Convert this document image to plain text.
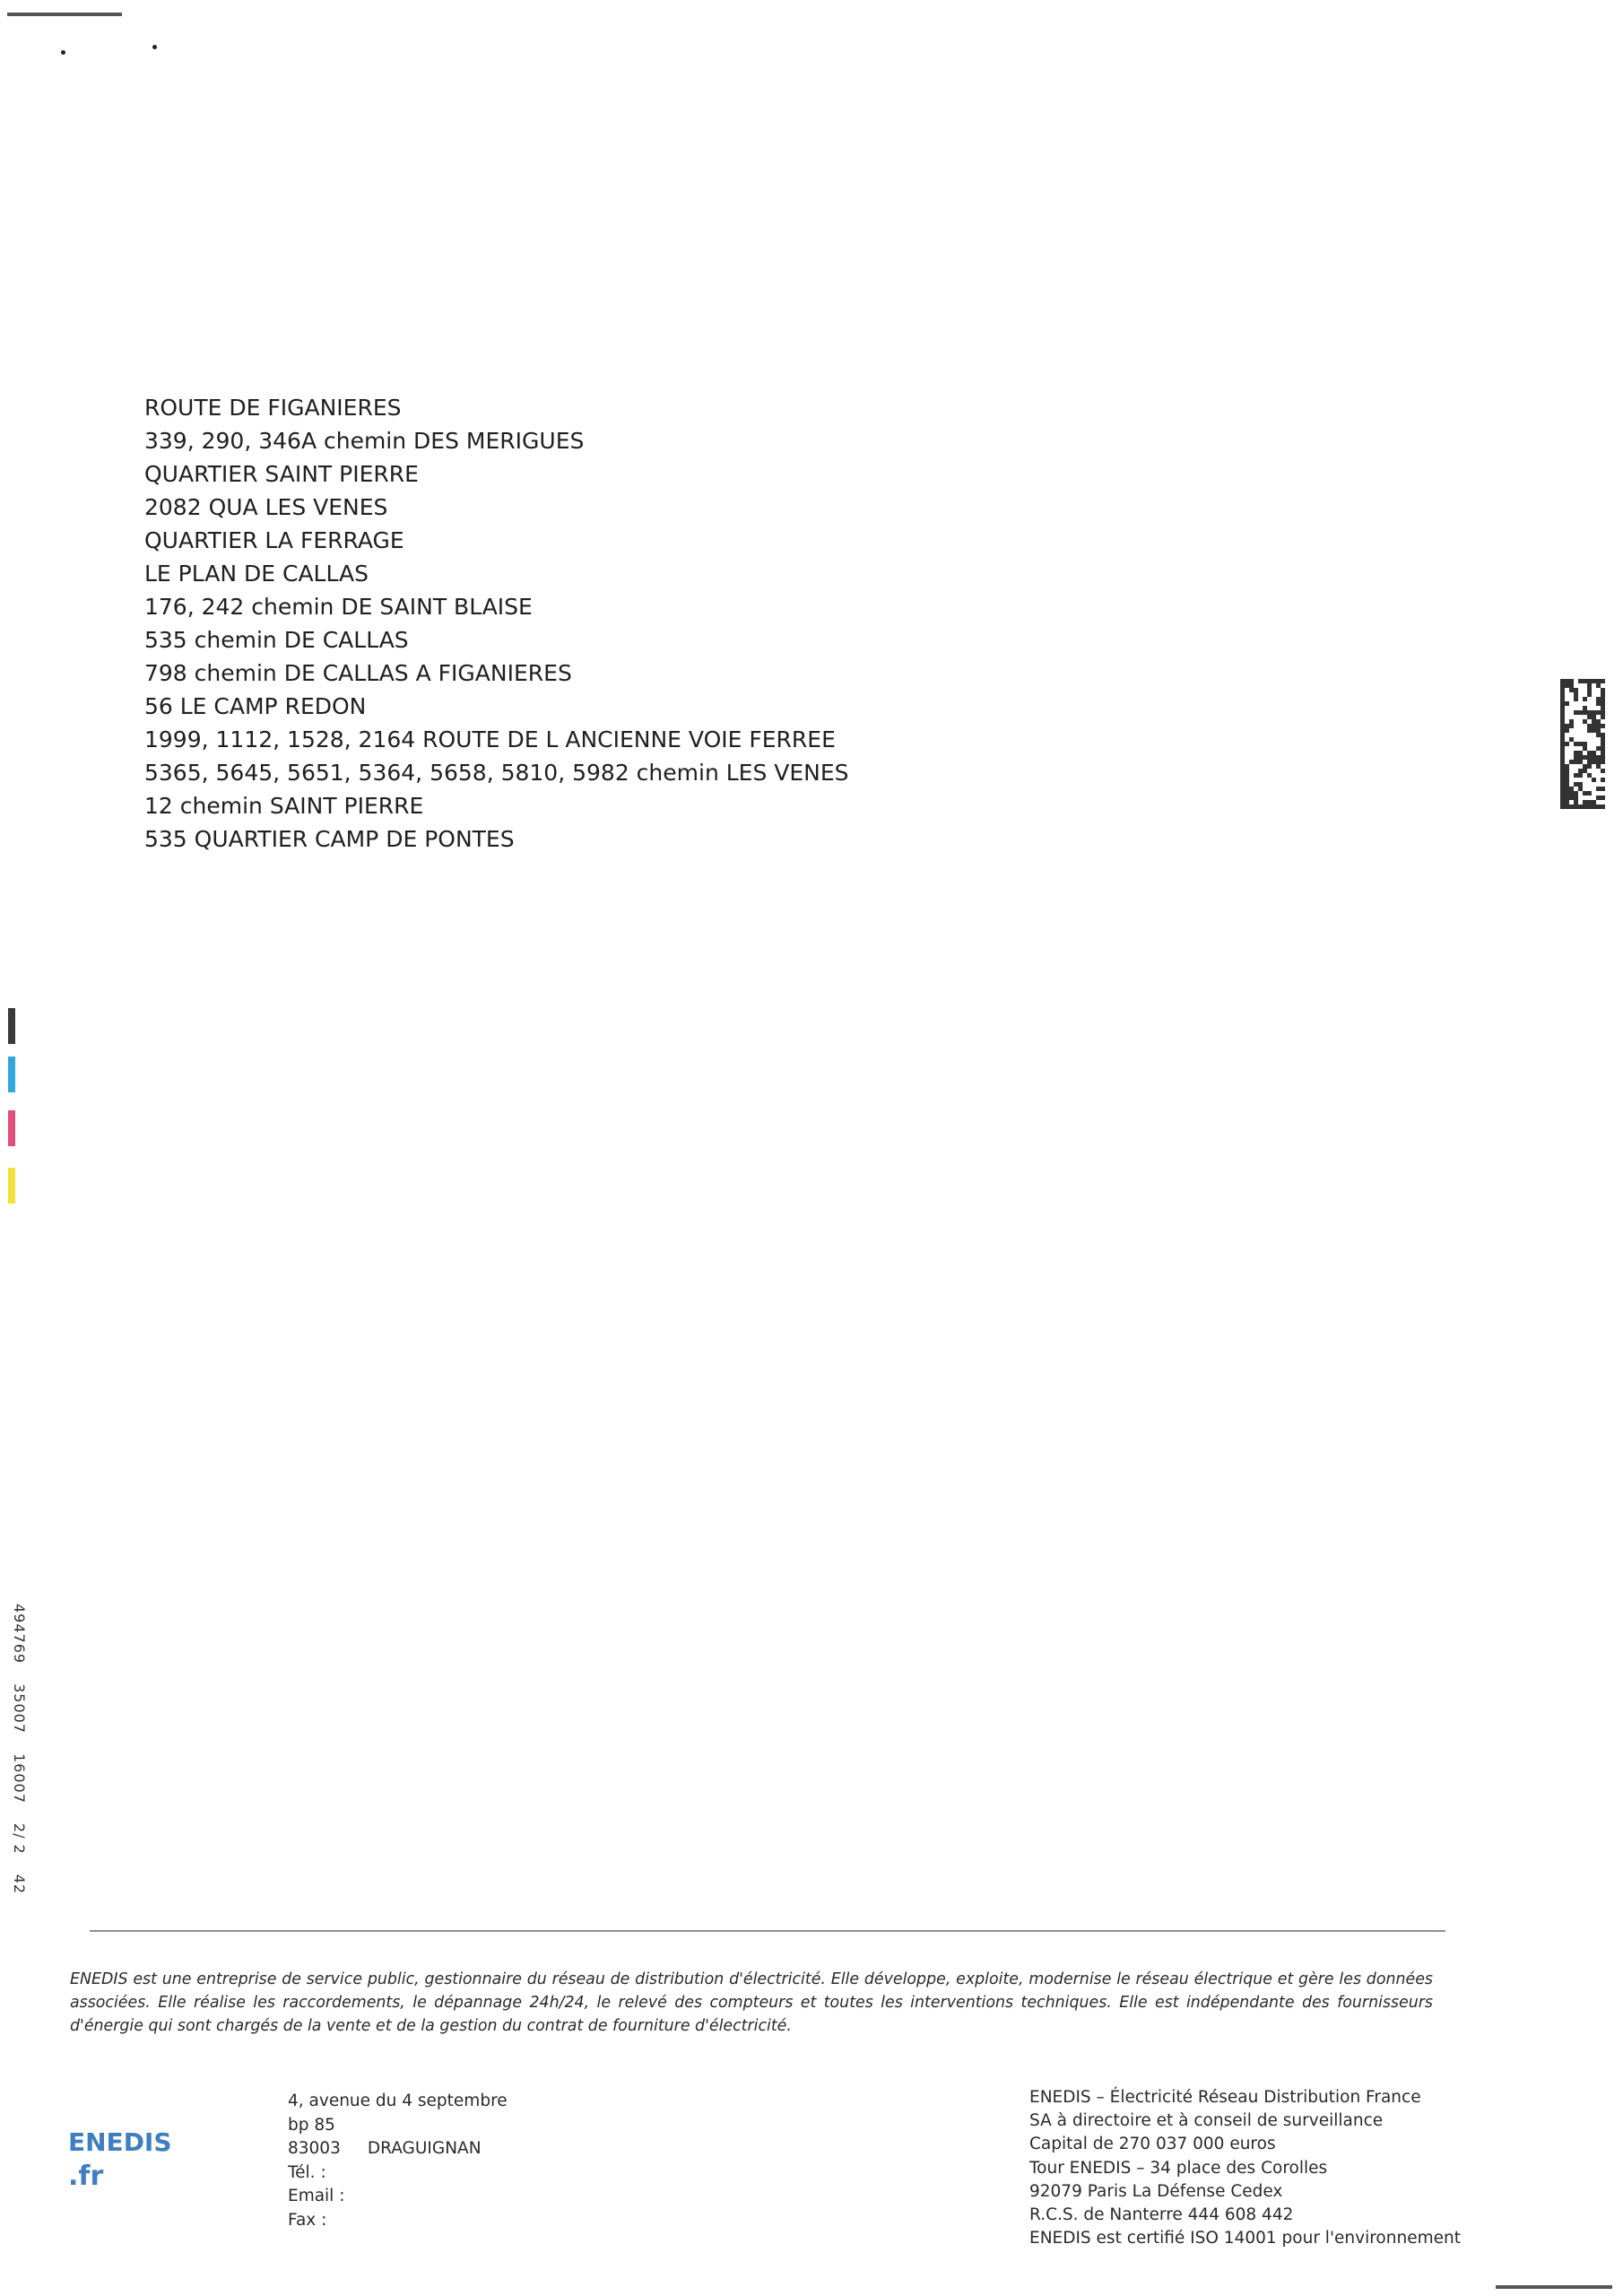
ROUTE DE FIGANIERES
339, 290, 346A chemin DES MERIGUES
QUARTIER SAINT PIERRE
2082 QUA LES VENES
QUARTIER LA FERRAGE
LE PLAN DE CALLAS
176, 242 chemin DE SAINT BLAISE
535 chemin DE CALLAS
798 chemin DE CALLAS A FIGANIERES
56 LE CAMP REDON
1999, 1112, 1528, 2164 ROUTE DE L ANCIENNE VOIE FERREE
5365, 5645, 5651, 5364, 5658, 5810, 5982 chemin LES VENES
12 chemin SAINT PIERRE
535 QUARTIER CAMP DE PONTES
49476935007160072/ 242

ENEDIS est une entreprise de service public, gestionnaire du réseau de distribution d'électricité. Elle développe, exploite, modernise le réseau électrique et gère les données associées. Elle réalise les raccordements, le dépannage 24h/24, le relevé des compteurs et toutes les interventions techniques. Elle est indépendante des fournisseurs d'énergie qui sont chargés de la vente et de la gestion du contrat de fourniture d'électricité.

ENEDIS
.fr
4, avenue du 4 septembre
bp 85
83003 DRAGUIGNAN
Tél. :
Email :
Fax :
ENEDIS – Électricité Réseau Distribution France
SA à directoire et à conseil de surveillance
Capital de 270 037 000 euros
Tour ENEDIS – 34 place des Corolles
92079 Paris La Défense Cedex
R.C.S. de Nanterre 444 608 442
ENEDIS est certifié ISO 14001 pour l'environnement
